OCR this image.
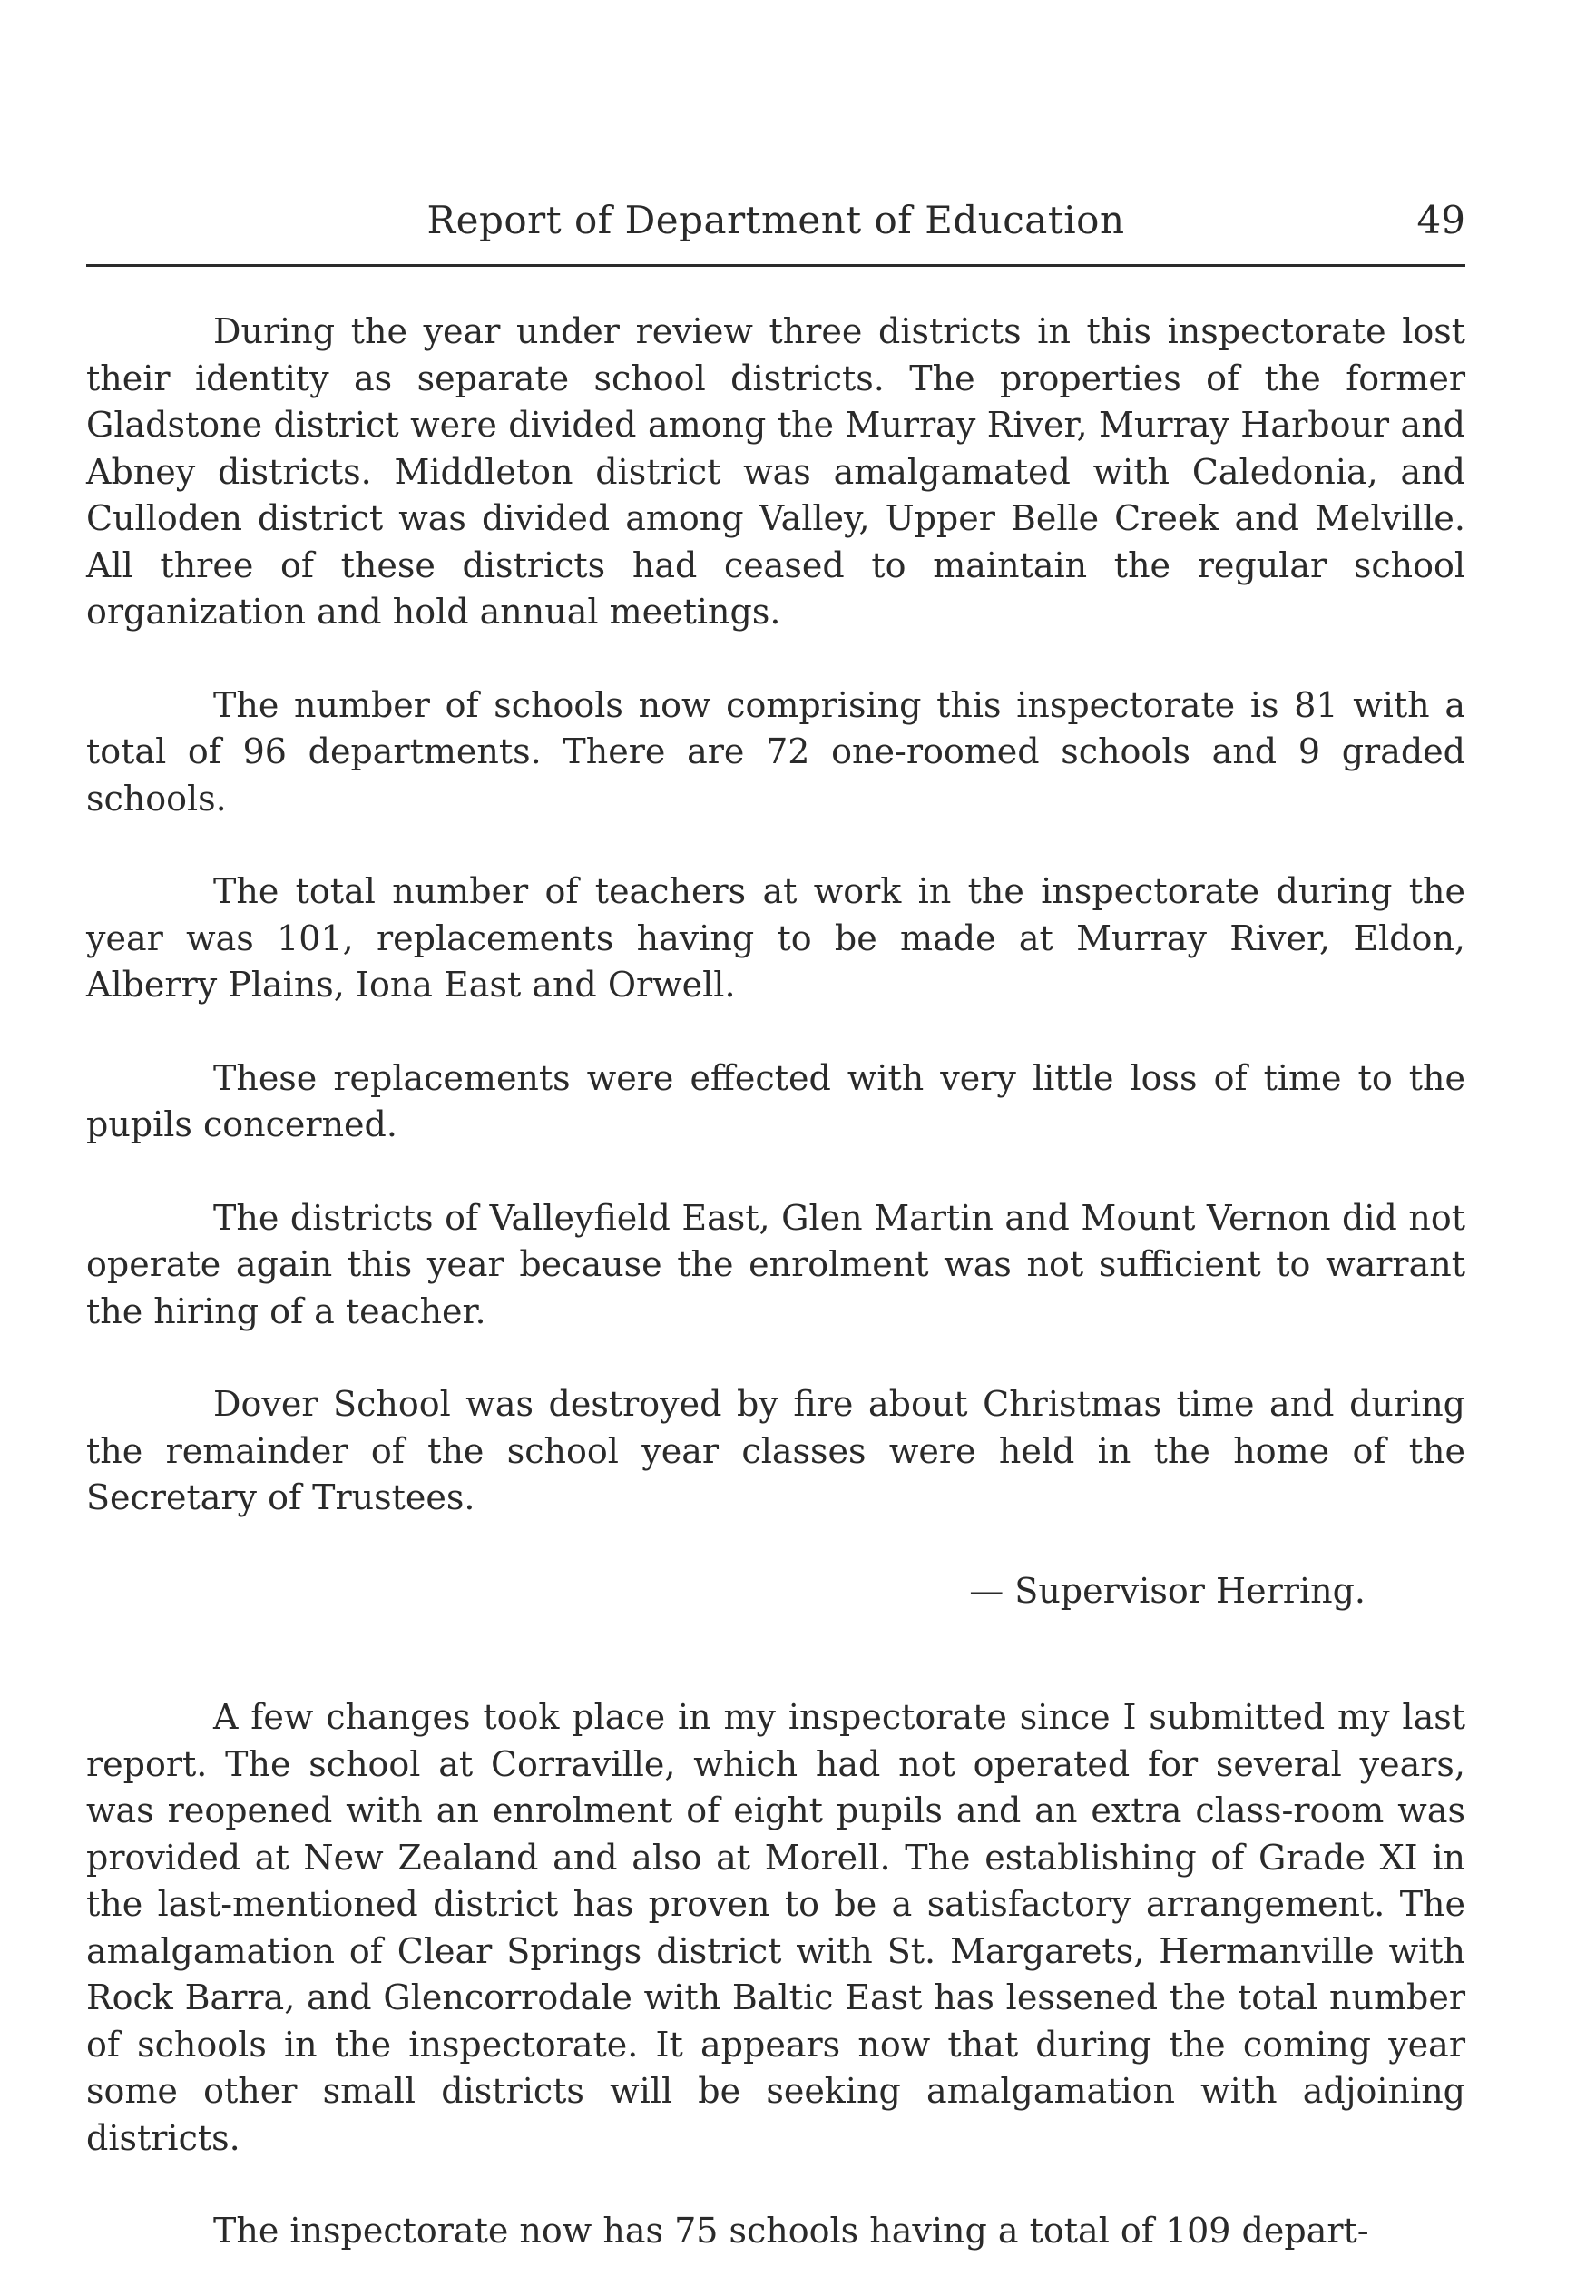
Report of Department of Education	49

During the year under review three districts in this inspectorate lost their identity as separate school districts. The properties of the former Gladstone district were divided among the Murray River, Murray Harbour and Abney districts. Middleton district was amalgamated with Caledonia, and Culloden district was divided among Valley, Upper Belle Creek and Melville. All three of these districts had ceased to maintain the regular school organization and hold annual meetings.

The number of schools now comprising this inspectorate is 81 with a total of 96 departments. There are 72 one-roomed schools and 9 graded schools.

The total number of teachers at work in the inspectorate during the year was 101, replacements having to be made at Murray River, Eldon, Alberry Plains, Iona East and Orwell.

These replacements were effected with very little loss of time to the pupils concerned.

The districts of Valleyfield East, Glen Martin and Mount Vernon did not operate again this year because the enrolment was not sufficient to warrant the hiring of a teacher.

Dover School was destroyed by fire about Christmas time and during the remainder of the school year classes were held in the home of the Secretary of Trustees.

— Supervisor Herring.

A few changes took place in my inspectorate since I submitted my last report. The school at Corraville, which had not operated for several years, was reopened with an enrolment of eight pupils and an extra class-room was provided at New Zealand and also at Morell. The establishing of Grade XI in the last-mentioned district has proven to be a satisfactory arrangement. The amalgamation of Clear Springs district with St. Margarets, Hermanville with Rock Barra, and Glencorrodale with Baltic East has lessened the total number of schools in the inspectorate. It appears now that during the coming year some other small districts will be seeking amalgamation with adjoining districts.

The inspectorate now has 75 schools having a total of 109 depart-
